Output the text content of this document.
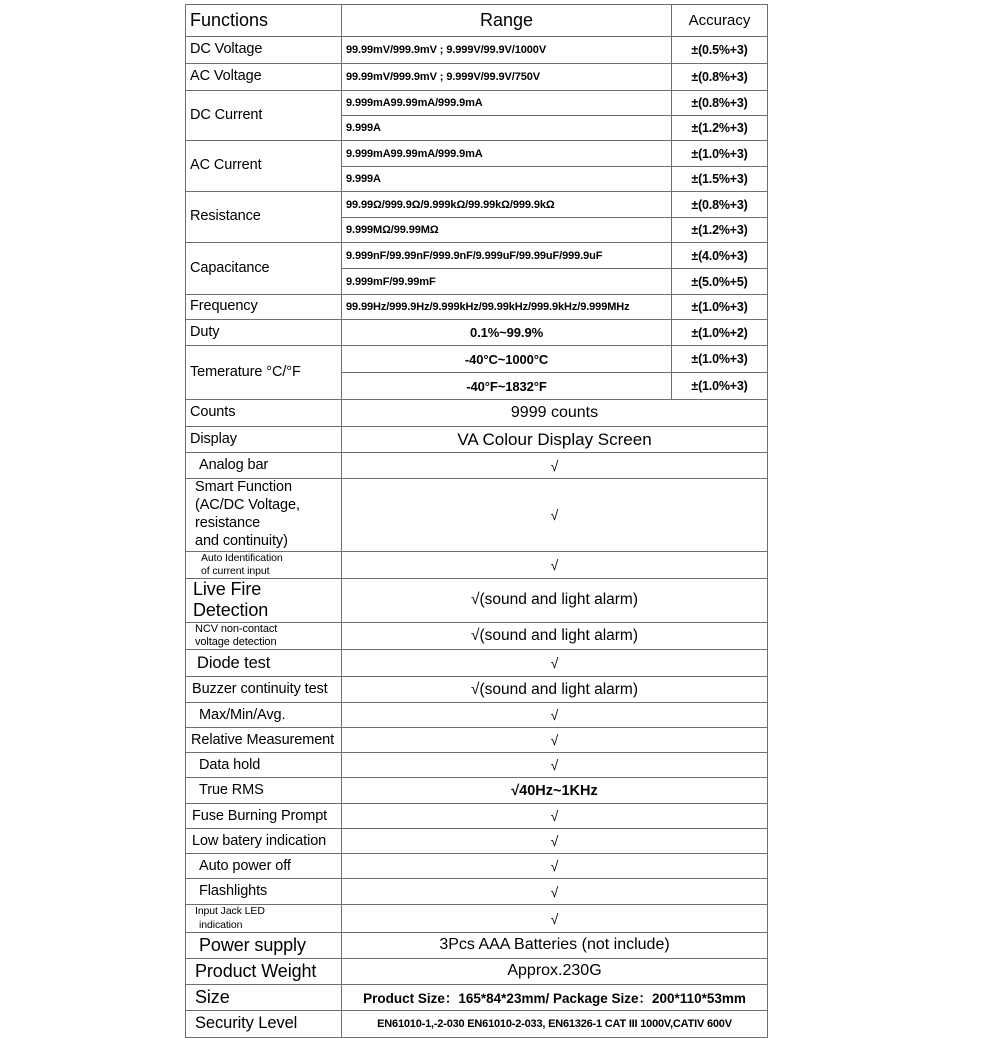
Functions	Range	Accuracy
DC Voltage	99.99mV/999.9mV ; 9.999V/99.9V/1000V	±(0.5%+3)
AC Voltage	99.99mV/999.9mV ; 9.999V/99.9V/750V	±(0.8%+3)
DC Current	9.999mA99.99mA/999.9mA	±(0.8%+3)
	9.999A	±(1.2%+3)
AC Current	9.999mA99.99mA/999.9mA	±(1.0%+3)
	9.999A	±(1.5%+3)
Resistance	99.99Ω/999.9Ω/9.999kΩ/99.99kΩ/999.9kΩ	±(0.8%+3)
	9.999MΩ/99.99MΩ	±(1.2%+3)
Capacitance	9.999nF/99.99nF/999.9nF/9.999uF/99.99uF/999.9uF	±(4.0%+3)
	9.999mF/99.99mF	±(5.0%+5)
Frequency	99.99Hz/999.9Hz/9.999kHz/99.99kHz/999.9kHz/9.999MHz	±(1.0%+3)
Duty	0.1%~99.9%	±(1.0%+2)
Temerature °C/°F	-40°C~1000°C	±(1.0%+3)
	-40°F~1832°F	±(1.0%+3)
Counts	9999 counts	
Display	VA Colour Display Screen	
Analog bar	√	

Smart Function
(AC/DC Voltage,
resistance
and continuity)	√	

Auto Identification
of current input	√	
Live Fire Detection	√(sound and light alarm)	

NCV non-contact
voltage detection	√(sound and light alarm)	
Diode test	√	
Buzzer continuity test	√(sound and light alarm)	
Max/Min/Avg.	√	
Relative Measurement	√	
Data hold	√	
True RMS	√40Hz~1KHz	
Fuse Burning Prompt	√	
Low batery indication	√	
Auto power off	√	
Flashlights	√	

Input Jack LED
indication	√	
Power supply	3Pcs AAA Batteries (not include)	
Product Weight	Approx.230G	
Size	Product Size：165*84*23mm/ Package Size：200*110*53mm	
Security Level	EN61010-1,-2-030 EN61010-2-033, EN61326-1 CAT III 1000V,CATIV 600V	
